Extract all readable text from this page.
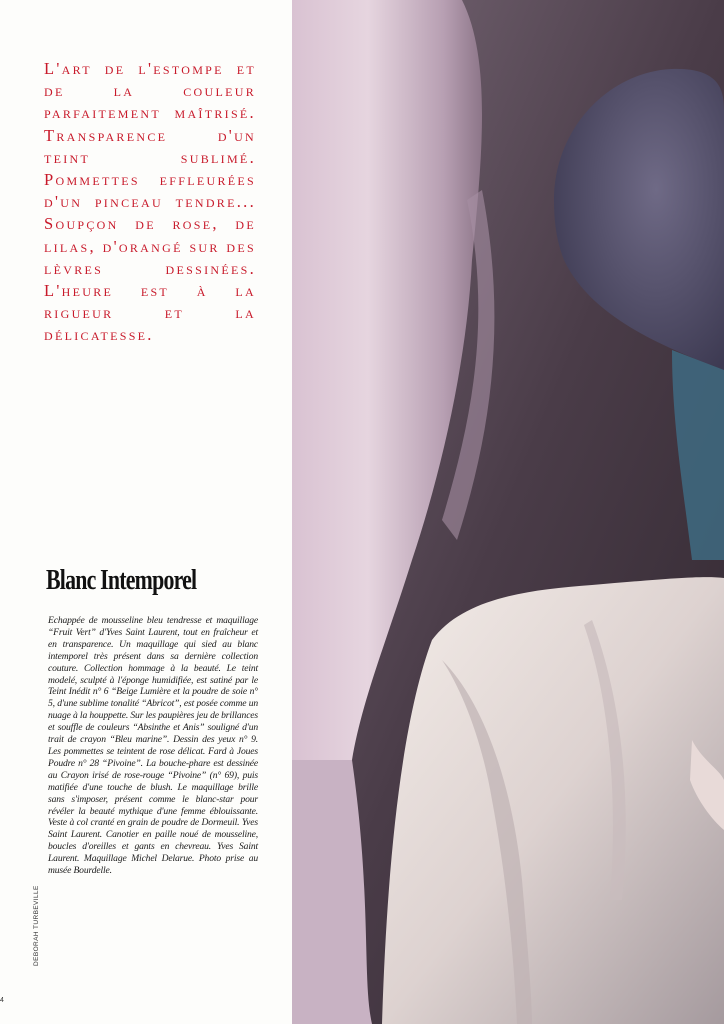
L'art de l'estompe et de la couleur parfaitement maîtrisé. Transparence d'un teint sublimé. Pommettes effleurées d'un pinceau tendre... Soupçon de rose, de lilas, d'orangé sur des lèvres dessinées. L'heure est à la rigueur et la délicatesse.

Blanc Intemporel

Echappée de mousseline bleu tendresse et maquillage “Fruit Vert” d'Yves Saint Laurent, tout en fraîcheur et en transparence. Un maquillage qui sied au blanc intemporel très présent dans sa dernière collection couture. Collection hommage à la beauté. Le teint modelé, sculpté à l'éponge humidifiée, est satiné par le Teint Inédit n° 6 “Beige Lumière et la poudre de soie n° 5, d'une sublime tonalité “Abricot”, est posée comme un nuage à la houppette. Sur les paupières jeu de brillances et souffle de couleurs “Absinthe et Anis” souligné d'un trait de crayon “Bleu marine”. Dessin des yeux n° 9. Les pommettes se teintent de rose délicat. Fard à Joues Poudre n° 28 “Pivoine”. La bouche-phare est dessinée au Crayon irisé de rose-rouge “Pivoine” (n° 69), puis matifiée d'une touche de blush. Le maquillage brille sans s'imposer, présent comme le blanc-star pour révéler la beauté mythique d'une femme éblouissante. Veste à col cranté en grain de poudre de Dormeuil. Yves Saint Laurent. Canotier en paille noué de mousseline, boucles d'oreilles et gants en chevreau. Yves Saint Laurent. Maquillage Michel Delarue. Photo prise au musée Bourdelle.

DEBORAH TURBEVILLE

4
